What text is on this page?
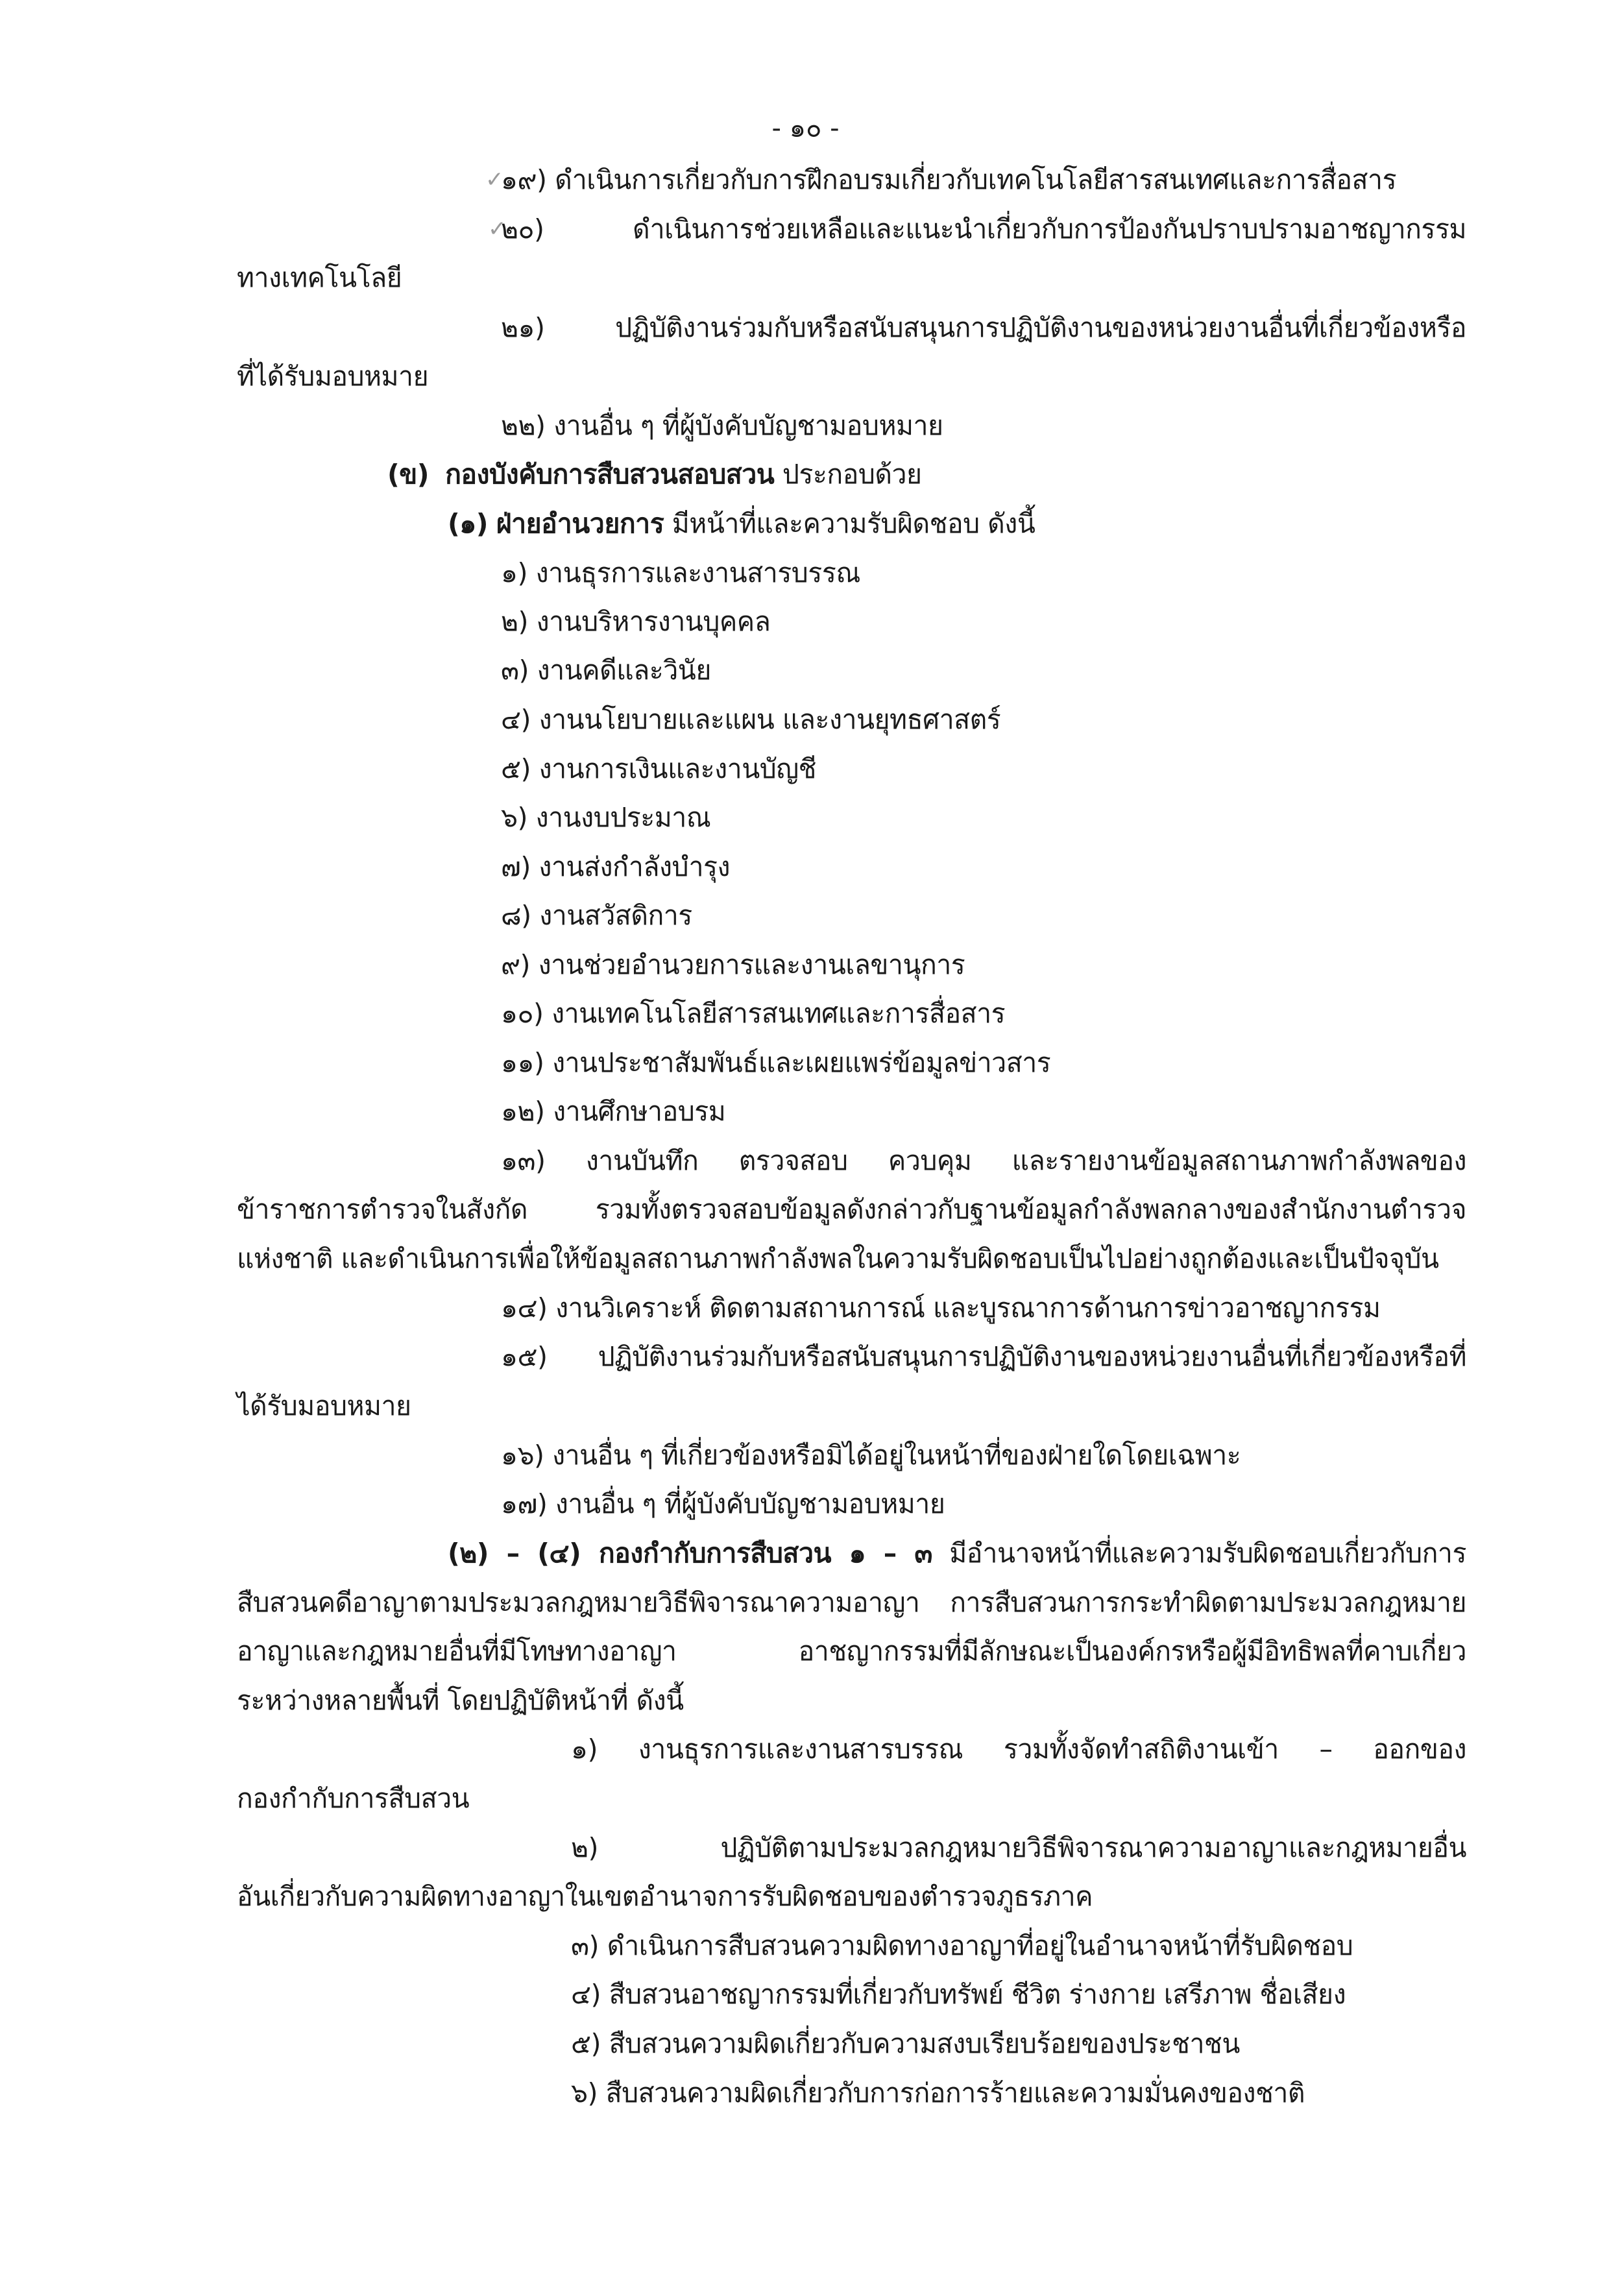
- ๑๐ -
✓
๑๙) ดำเนินการเกี่ยวกับการฝึกอบรมเกี่ยวกับเทคโนโลยีสารสนเทศและการสื่อสาร
✓
๒๐)	ดำเนินการช่วยเหลือและแนะนำเกี่ยวกับการป้องกันปราบปรามอาชญากรรม
ทางเทคโนโลยี
๒๑)	ปฏิบัติงานร่วมกับหรือสนับสนุนการปฏิบัติงานของหน่วยงานอื่นที่เกี่ยวข้องหรือ
ที่ได้รับมอบหมาย
๒๒) งานอื่น ๆ ที่ผู้บังคับบัญชามอบหมาย
(ข) กองบังคับการสืบสวนสอบสวน ประกอบด้วย
(๑) ฝ่ายอำนวยการ มีหน้าที่และความรับผิดชอบ ดังนี้
๑) งานธุรการและงานสารบรรณ
๒) งานบริหารงานบุคคล
๓) งานคดีและวินัย
๔) งานนโยบายและแผน และงานยุทธศาสตร์
๕) งานการเงินและงานบัญชี
๖) งานงบประมาณ
๗) งานส่งกำลังบำรุง
๘) งานสวัสดิการ
๙) งานช่วยอำนวยการและงานเลขานุการ
๑๐) งานเทคโนโลยีสารสนเทศและการสื่อสาร
๑๑) งานประชาสัมพันธ์และเผยแพร่ข้อมูลข่าวสาร
๑๒) งานศึกษาอบรม
๑๓) งานบันทึก ตรวจสอบ ควบคุม และรายงานข้อมูลสถานภาพกำลังพลของ
ข้าราชการตำรวจในสังกัด รวมทั้งตรวจสอบข้อมูลดังกล่าวกับฐานข้อมูลกำลังพลกลางของสำนักงานตำรวจ
แห่งชาติ และดำเนินการเพื่อให้ข้อมูลสถานภาพกำลังพลในความรับผิดชอบเป็นไปอย่างถูกต้องและเป็นปัจจุบัน
๑๔) งานวิเคราะห์ ติดตามสถานการณ์ และบูรณาการด้านการข่าวอาชญากรรม
๑๕) ปฏิบัติงานร่วมกับหรือสนับสนุนการปฏิบัติงานของหน่วยงานอื่นที่เกี่ยวข้องหรือที่
ได้รับมอบหมาย
๑๖) งานอื่น ๆ ที่เกี่ยวข้องหรือมิได้อยู่ในหน้าที่ของฝ่ายใดโดยเฉพาะ
๑๗) งานอื่น ๆ ที่ผู้บังคับบัญชามอบหมาย
(๒) – (๔) กองกำกับการสืบสวน ๑ – ๓ มีอำนาจหน้าที่และความรับผิดชอบเกี่ยวกับการ
สืบสวนคดีอาญาตามประมวลกฎหมายวิธีพิจารณาความอาญา การสืบสวนการกระทำผิดตามประมวลกฎหมาย
อาญาและกฎหมายอื่นที่มีโทษทางอาญา อาชญากรรมที่มีลักษณะเป็นองค์กรหรือผู้มีอิทธิพลที่คาบเกี่ยว
ระหว่างหลายพื้นที่ โดยปฏิบัติหน้าที่ ดังนี้
๑) งานธุรการและงานสารบรรณ รวมทั้งจัดทำสถิติงานเข้า – ออกของ
กองกำกับการสืบสวน
๒)	ปฏิบัติตามประมวลกฎหมายวิธีพิจารณาความอาญาและกฎหมายอื่น
อันเกี่ยวกับความผิดทางอาญาในเขตอำนาจการรับผิดชอบของตำรวจภูธรภาค
๓) ดำเนินการสืบสวนความผิดทางอาญาที่อยู่ในอำนาจหน้าที่รับผิดชอบ
๔) สืบสวนอาชญากรรมที่เกี่ยวกับทรัพย์ ชีวิต ร่างกาย เสรีภาพ ชื่อเสียง
๕) สืบสวนความผิดเกี่ยวกับความสงบเรียบร้อยของประชาชน
๖) สืบสวนความผิดเกี่ยวกับการก่อการร้ายและความมั่นคงของชาติ
